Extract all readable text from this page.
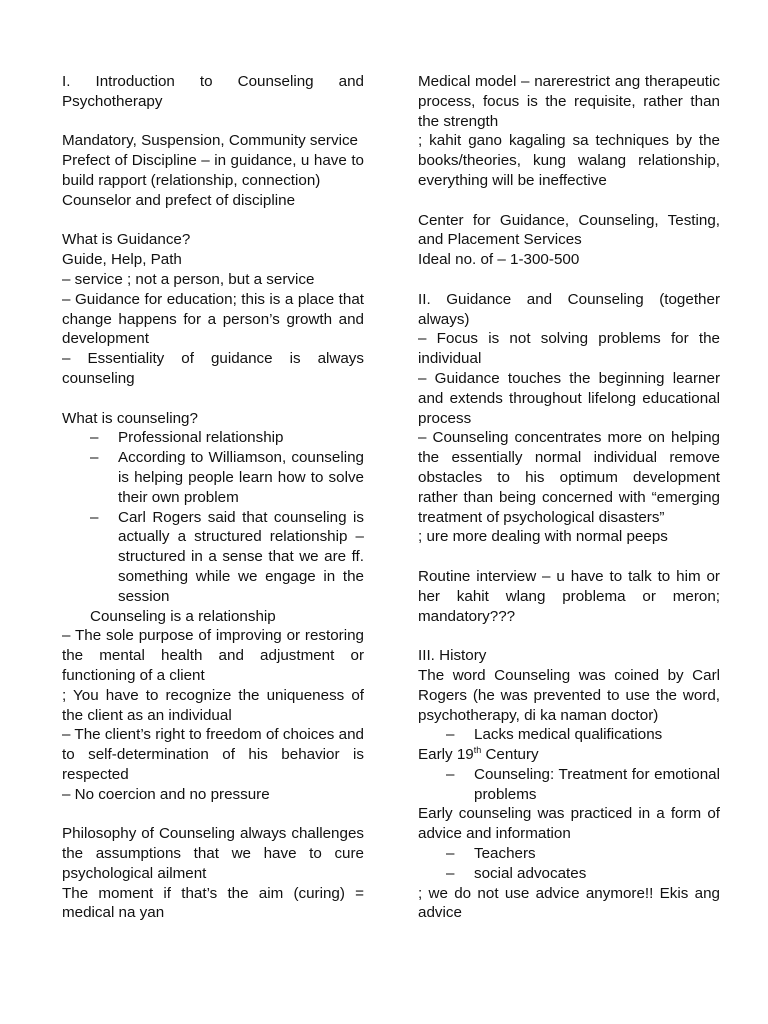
I. Introduction to Counseling and Psychotherapy

Mandatory, Suspension, Community service

Prefect of Discipline – in guidance, u have to build rapport (relationship, connection)

Counselor and prefect of discipline

What is Guidance?

Guide, Help, Path

– service ; not a person, but a service

– Guidance for education; this is a place that change happens for a person’s growth and development

– Essentiality of guidance is always counseling

What is counseling?

– Professional relationship

– According to Williamson, counseling is helping people learn how to solve their own problem

– Carl Rogers said that counseling is actually a structured relationship – structured in a sense that we are ff. something while we engage in the session

Counseling is a relationship

– The sole purpose of improving or restoring the mental health and adjustment or functioning of a client

; You have to recognize the uniqueness of the client as an individual

– The client’s right to freedom of choices and to self-determination of his behavior is respected

– No coercion and no pressure

Philosophy of Counseling always challenges the assumptions that we have to cure psychological ailment

The moment if that’s the aim (curing) = medical na yan

Medical model – narerestrict ang therapeutic process, focus is the requisite, rather than the strength

; kahit gano kagaling sa techniques by the books/theories, kung walang relationship, everything will be ineffective

Center for Guidance, Counseling, Testing, and Placement Services

Ideal no. of – 1-300-500

II. Guidance and Counseling (together always)

– Focus is not solving problems for the individual

– Guidance touches the beginning learner and extends throughout lifelong educational process

– Counseling concentrates more on helping the essentially normal individual remove obstacles to his optimum development rather than being concerned with “emerging treatment of psychological disasters”

; ure more dealing with normal peeps

Routine interview – u have to talk to him or her kahit wlang problema or meron; mandatory???

III. History

The word Counseling was coined by Carl Rogers (he was prevented to use the word, psychotherapy, di ka naman doctor)

– Lacks medical qualifications

Early 19th Century

– Counseling: Treatment for emotional problems

Early counseling was practiced in a form of advice and information

– Teachers

– social advocates

; we do not use advice anymore!! Ekis ang advice
